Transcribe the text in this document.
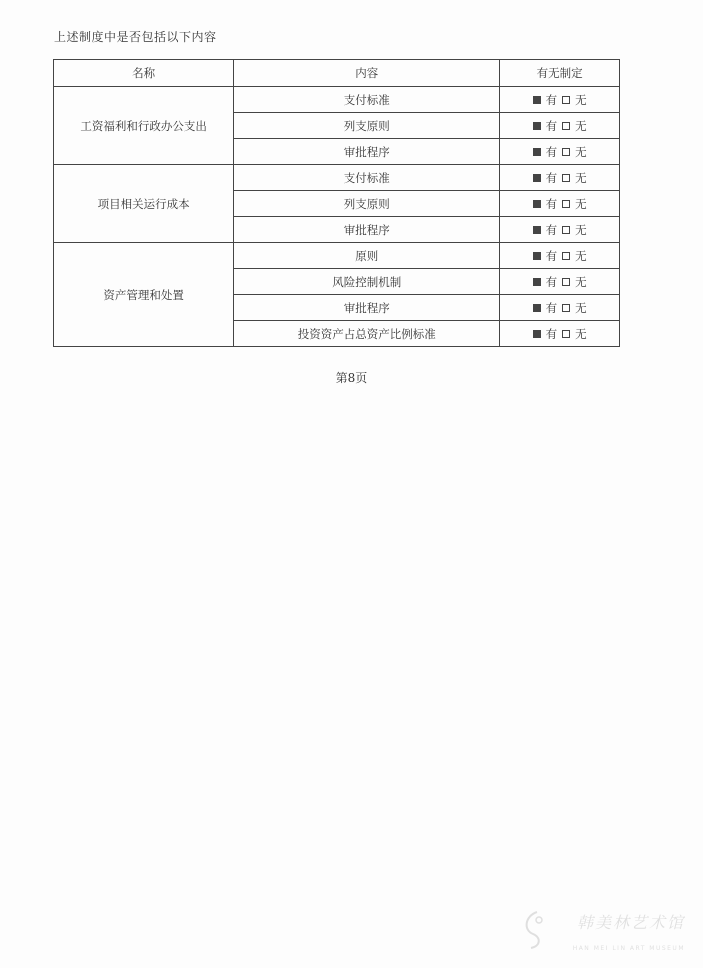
上述制度中是否包括以下内容
名称	内容	有无制定
工资福利和行政办公支出	支付标准	有 无

	列支原则	有 无

	审批程序	有 无

项目相关运行成本	支付标准	有 无

	列支原则	有 无

	审批程序	有 无

资产管理和处置	原则	有 无

	风险控制机制	有 无

	审批程序	有 无

	投资资产占总资产比例标准	有 无
第8页
韩美林艺术馆
HAN MEI LIN ART MUSEUM
